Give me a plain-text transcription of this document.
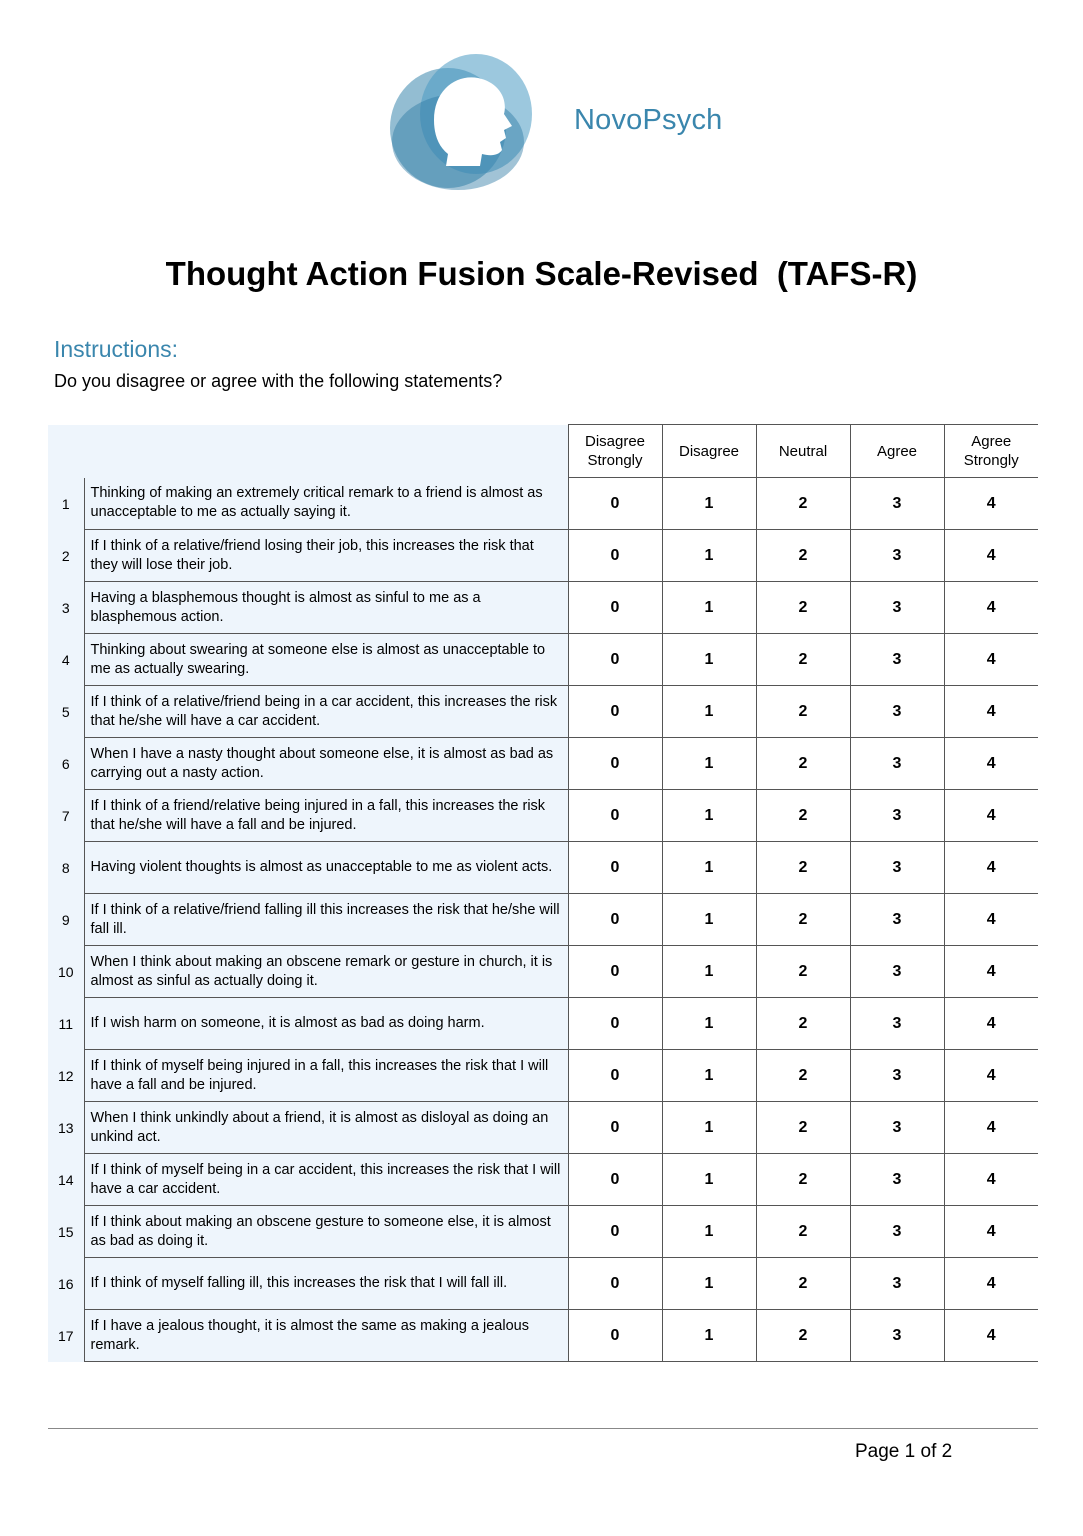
NovoPsych
Thought Action Fusion Scale-Revised  (TAFS-R)
Instructions:
Do you disagree or agree with the following statements?
		Disagree Strongly	Disagree	Neutral	Agree	Agree Strongly
1	Thinking of making an extremely critical remark to a friend is almost as unacceptable to me as actually saying it.	0	1	2	3	4
2	If I think of a relative/friend losing their job, this increases the risk that they will lose their job.	0	1	2	3	4
3	Having a blasphemous thought is almost as sinful to me as a blasphemous action.	0	1	2	3	4
4	Thinking about swearing at someone else is almost as unacceptable to me as actually swearing.	0	1	2	3	4
5	If I think of a relative/friend being in a car accident, this increases the risk that he/she will have a car accident.	0	1	2	3	4
6	When I have a nasty thought about someone else, it is almost as bad as carrying out a nasty action.	0	1	2	3	4
7	If I think of a friend/relative being injured in a fall, this increases the risk that he/she will have a fall and be injured.	0	1	2	3	4
8	Having violent thoughts is almost as unacceptable to me as violent acts.	0	1	2	3	4
9	If I think of a relative/friend falling ill this increases the risk that he/she will fall ill.	0	1	2	3	4
10	When I think about making an obscene remark or gesture in church, it is almost as sinful as actually doing it.	0	1	2	3	4
11	If I wish harm on someone, it is almost as bad as doing harm.	0	1	2	3	4
12	If I think of myself being injured in a fall, this increases the risk that I will have a fall and be injured.	0	1	2	3	4
13	When I think unkindly about a friend, it is almost as disloyal as doing an unkind act.	0	1	2	3	4
14	If I think of myself being in a car accident, this increases the risk that I will have a car accident.	0	1	2	3	4
15	If I think about making an obscene gesture to someone else, it is almost as bad as doing it.	0	1	2	3	4
16	If I think of myself falling ill, this increases the risk that I will fall ill.	0	1	2	3	4
17	If I have a jealous thought, it is almost the same as making a jealous remark.	0	1	2	3	4
Page 1 of 2
